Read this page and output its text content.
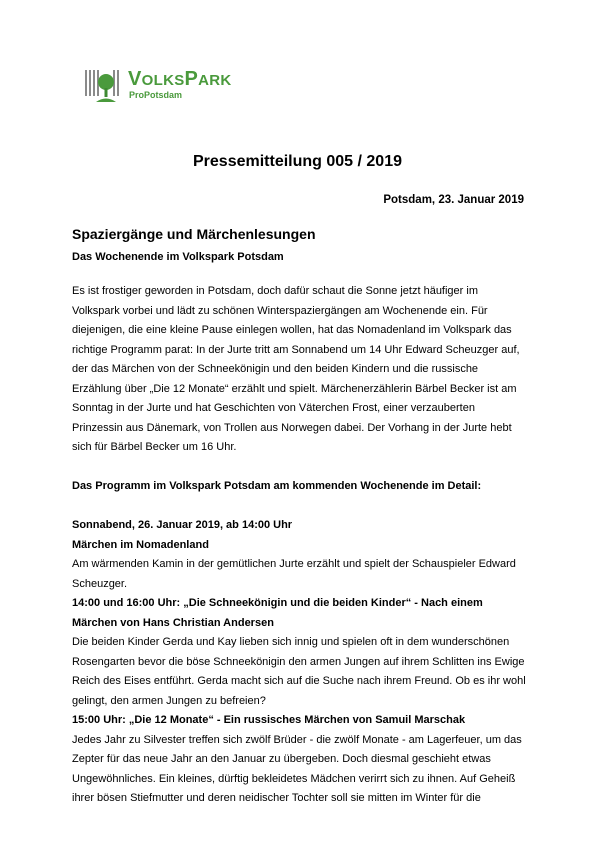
VOLKSPARK
ProPotsdam
Pressemitteilung 005 / 2019
Potsdam, 23. Januar 2019
Spaziergänge und Märchenlesungen
Das Wochenende im Volkspark Potsdam
Es ist frostiger geworden in Potsdam, doch dafür schaut die Sonne jetzt häufiger im
Volkspark vorbei und lädt zu schönen Winterspaziergängen am Wochenende ein. Für
diejenigen, die eine kleine Pause einlegen wollen, hat das Nomadenland im Volkspark das
richtige Programm parat: In der Jurte tritt am Sonnabend um 14 Uhr Edward Scheuzger auf,
der das Märchen von der Schneekönigin und den beiden Kindern und die russische
Erzählung über „Die 12 Monate“ erzählt und spielt. Märchenerzählerin Bärbel Becker ist am
Sonntag in der Jurte und hat Geschichten von Väterchen Frost, einer verzauberten
Prinzessin aus Dänemark, von Trollen aus Norwegen dabei. Der Vorhang in der Jurte hebt
sich für Bärbel Becker um 16 Uhr.
Das Programm im Volkspark Potsdam am kommenden Wochenende im Detail:
Sonnabend, 26. Januar 2019, ab 14:00 Uhr
Märchen im Nomadenland
Am wärmenden Kamin in der gemütlichen Jurte erzählt und spielt der Schauspieler Edward
Scheuzger.
14:00 und 16:00 Uhr: „Die Schneekönigin und die beiden Kinder“ - Nach einem
Märchen von Hans Christian Andersen
Die beiden Kinder Gerda und Kay lieben sich innig und spielen oft in dem wunderschönen
Rosengarten bevor die böse Schneekönigin den armen Jungen auf ihrem Schlitten ins Ewige
Reich des Eises entführt. Gerda macht sich auf die Suche nach ihrem Freund. Ob es ihr wohl
gelingt, den armen Jungen zu befreien?
15:00 Uhr: „Die 12 Monate“ - Ein russisches Märchen von Samuil Marschak
Jedes Jahr zu Silvester treffen sich zwölf Brüder - die zwölf Monate - am Lagerfeuer, um das
Zepter für das neue Jahr an den Januar zu übergeben. Doch diesmal geschieht etwas
Ungewöhnliches. Ein kleines, dürftig bekleidetes Mädchen verirrt sich zu ihnen. Auf Geheiß
ihrer bösen Stiefmutter und deren neidischer Tochter soll sie mitten im Winter für die
